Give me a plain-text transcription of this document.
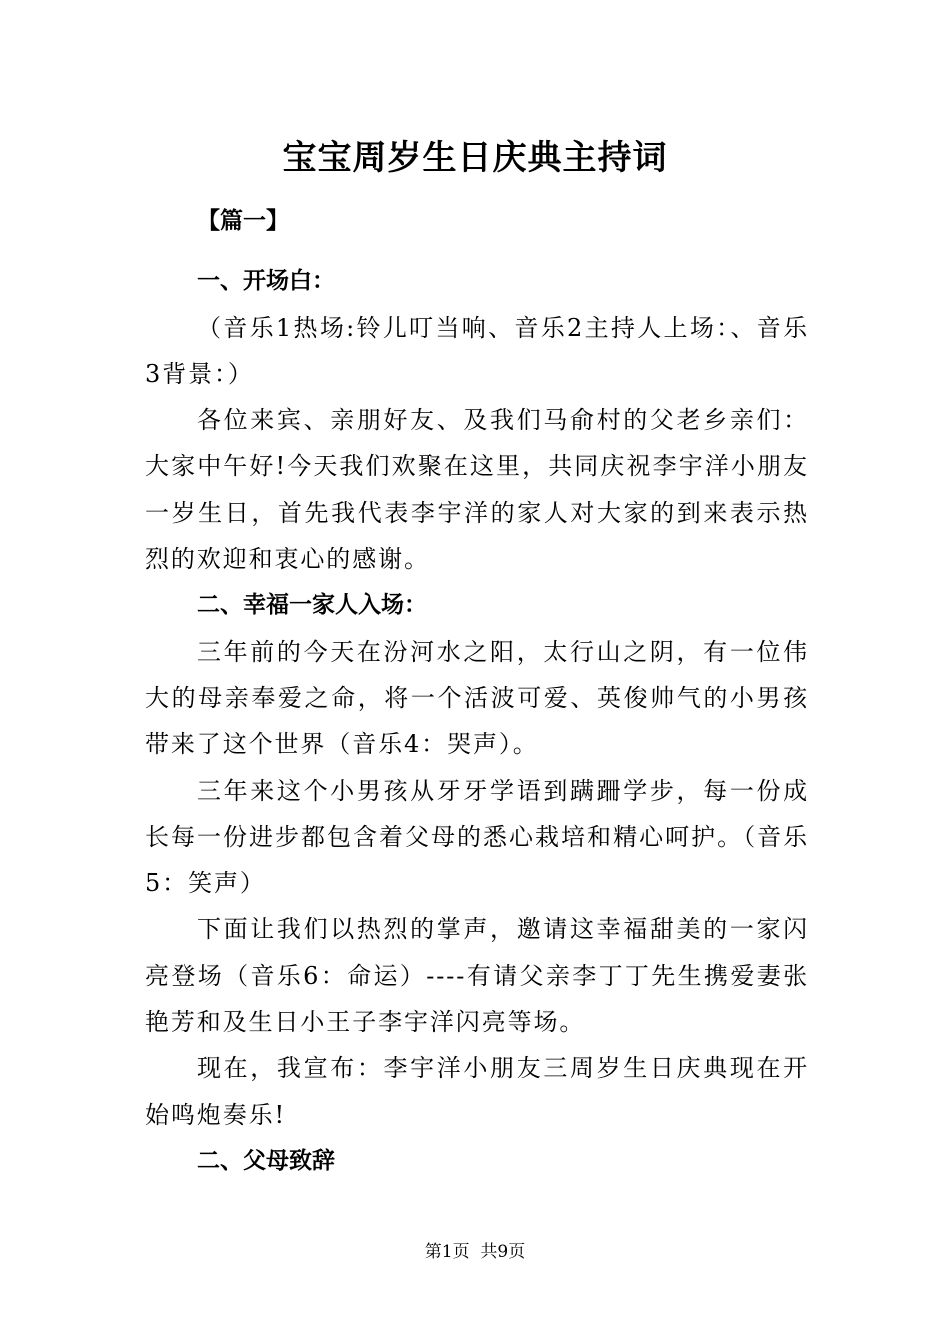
宝宝周岁生日庆典主持词

【篇一】

一、开场白：

（音乐1热场:铃儿叮当响、音乐2主持人上场：、音乐3背景：）

各位来宾、亲朋好友、及我们马俞村的父老乡亲们：大家中午好!今天我们欢聚在这里，共同庆祝李宇洋小朋友一岁生日，首先我代表李宇洋的家人对大家的到来表示热烈的欢迎和衷心的感谢。

二、幸福一家人入场：

三年前的今天在汾河水之阳，太行山之阴，有一位伟大的母亲奉爱之命，将一个活波可爱、英俊帅气的小男孩带来了这个世界（音乐4：哭声）。

三年来这个小男孩从牙牙学语到蹒跚学步，每一份成长每一份进步都包含着父母的悉心栽培和精心呵护。（音乐5：笑声）

下面让我们以热烈的掌声，邀请这幸福甜美的一家闪亮登场（音乐6：命运）----有请父亲李丁丁先生携爱妻张艳芳和及生日小王子李宇洋闪亮等场。

现在，我宣布：李宇洋小朋友三周岁生日庆典现在开始鸣炮奏乐!

二、父母致辞

第1页 共9页
